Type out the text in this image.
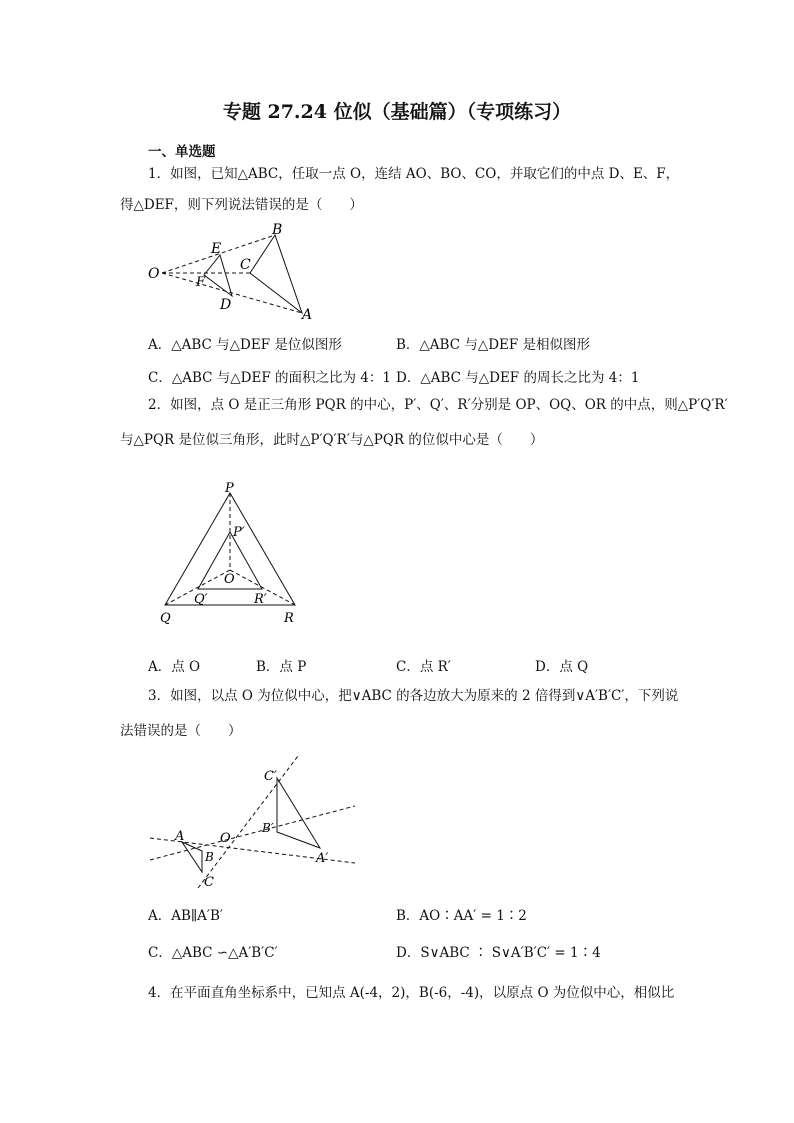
专题 27.24 位似（基础篇）（专项练习）
一、单选题
1．如图，已知△ABC，任取一点 O，连结 AO、BO、CO，并取它们的中点 D、E、F，
得△DEF，则下列说法错误的是（　　）
O
E
F
D
C
B
A
A．△ABC 与△DEF 是位似图形	B．△ABC 与△DEF 是相似图形
C．△ABC 与△DEF 的面积之比为 4：1 D．△ABC 与△DEF 的周长之比为 4：1
2．如图，点 O 是正三角形 PQR 的中心，P′、Q′、R′分别是 OP、OQ、OR 的中点，则△P′Q′R′
与△PQR 是位似三角形，此时△P′Q′R′与△PQR 的位似中心是（　　）
P
P′
O
Q′	R′
Q	R
A．点 O	B．点 P	C．点 R′	D．点 Q
3．如图，以点 O 为位似中心，把∨ABC 的各边放大为原来的 2 倍得到∨A′B′C′，下列说
法错误的是（　　）
C′
B′
A′
A	O
B
C
A．AB∥A′B′	B．AO∶AA′ = 1∶2
C．△ABC ∽△A′B′C′	D．S∨ABC ∶ S∨A′B′C′ = 1∶4
4．在平面直角坐标系中，已知点 A(-4，2)，B(-6，-4)，以原点 O 为位似中心，相似比
